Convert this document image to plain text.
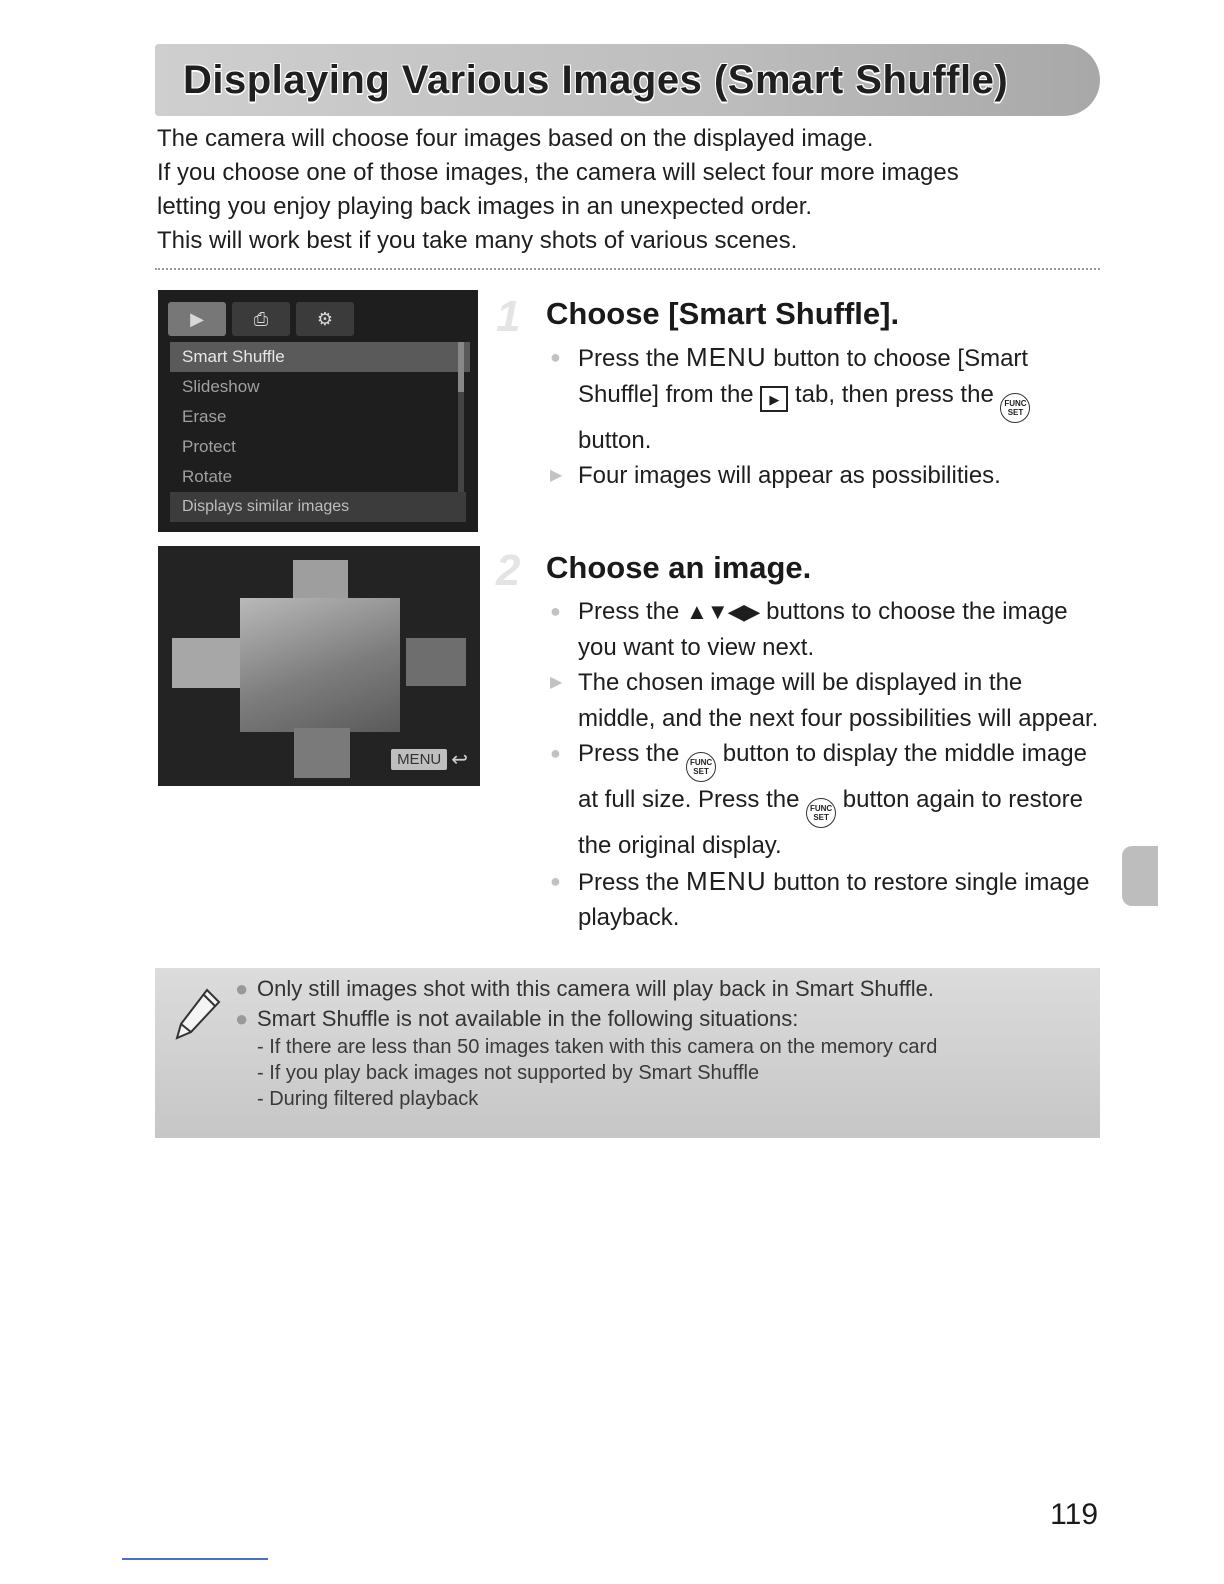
Displaying Various Images (Smart Shuffle)

The camera will choose four images based on the displayed image.

If you choose one of those images, the camera will select four more images

letting you enjoy playing back images in an unexpected order.

This will work best if you take many shots of various scenes.

▶	⎙	⚙
Smart Shuffle
Slideshow
Erase
Protect
Rotate
Displays similar images
MENU ↩
1 Choose [Smart Shuffle].
● Press the MENU button to choose [Smart Shuffle] from the ▶ tab, then press the FUNC
SET
button.
▶ Four images will appear as possibilities.
2 Choose an image.
● Press the ▲▼◀▶ buttons to choose the image you want to view next.
▶ The chosen image will be displayed in the middle, and the next four possibilities will appear.
● Press the FUNC
SET
button to display the middle image at full size. Press the FUNC
SET
button again to restore the original display.
● Press the MENU button to restore single image playback.
● Only still images shot with this camera will play back in Smart Shuffle.
● Smart Shuffle is not available in the following situations:
- If there are less than 50 images taken with this camera on the memory card
- If you play back images not supported by Smart Shuffle
- During filtered playback
119
